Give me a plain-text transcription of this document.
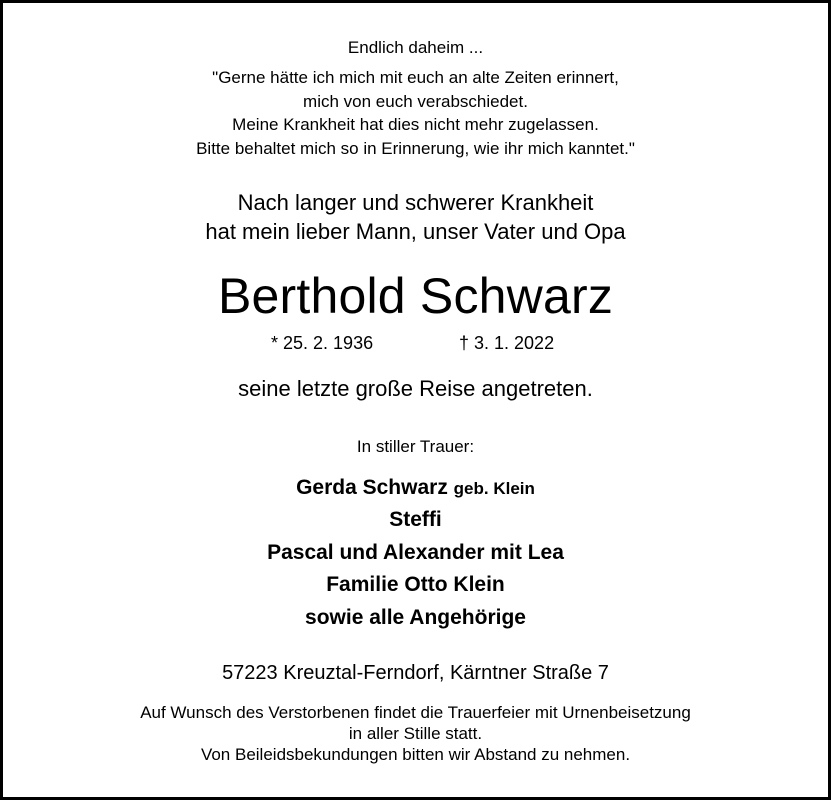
Endlich daheim ...
"Gerne hätte ich mich mit euch an alte Zeiten erinnert,
mich von euch verabschiedet.
Meine Krankheit hat dies nicht mehr zugelassen.
Bitte behaltet mich so in Erinnerung, wie ihr mich kanntet."
Nach langer und schwerer Krankheit
hat mein lieber Mann, unser Vater und Opa
Berthold Schwarz
* 25. 2. 1936	† 3. 1. 2022
seine letzte große Reise angetreten.
In stiller Trauer:
Gerda Schwarz geb. Klein
Steffi
Pascal und Alexander mit Lea
Familie Otto Klein
sowie alle Angehörige
57223 Kreuztal-Ferndorf, Kärntner Straße 7
Auf Wunsch des Verstorbenen findet die Trauerfeier mit Urnenbeisetzung
in aller Stille statt.
Von Beileidsbekundungen bitten wir Abstand zu nehmen.
